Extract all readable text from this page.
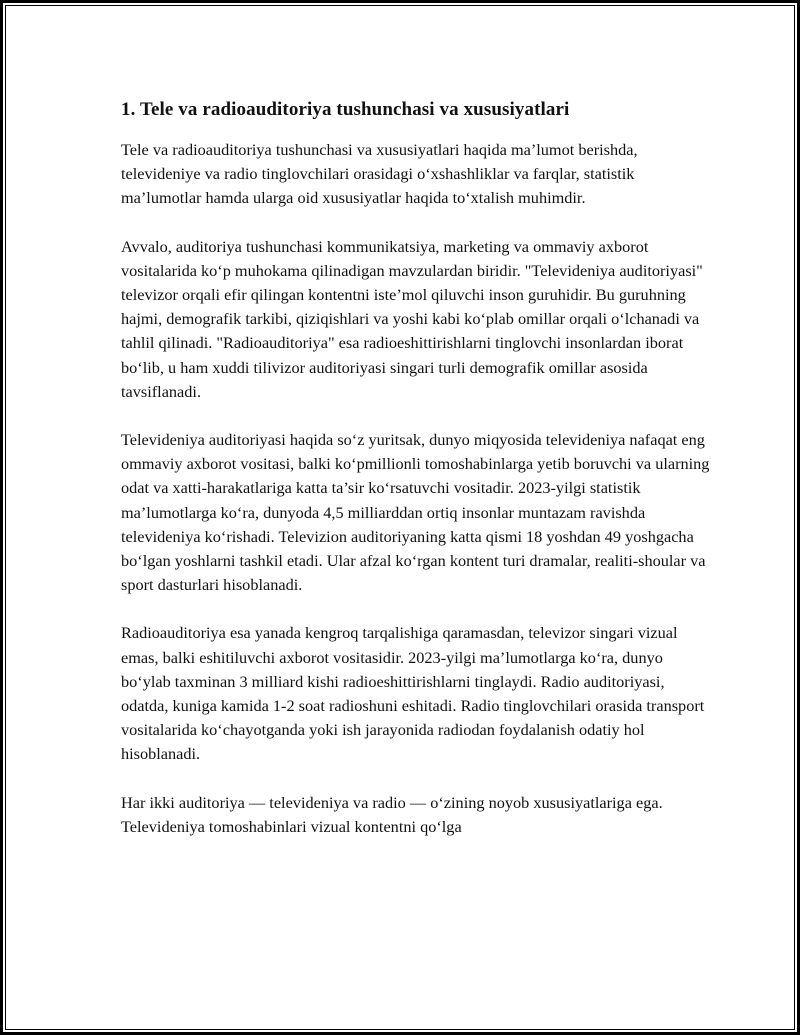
1. Tele va radioauditoriya tushunchasi va xususiyatlari

Tele va radioauditoriya tushunchasi va xususiyatlari haqida ma’lumot berishda, televideniye va radio tinglovchilari orasidagi o‘xshashliklar va farqlar, statistik ma’lumotlar hamda ularga oid xususiyatlar haqida to‘xtalish muhimdir.

Avvalo, auditoriya tushunchasi kommunikatsiya, marketing va ommaviy axborot vositalarida ko‘p muhokama qilinadigan mavzulardan biridir. "Televideniya auditoriyasi" televizor orqali efir qilingan kontentni iste’mol qiluvchi inson guruhidir. Bu guruhning hajmi, demografik tarkibi, qiziqishlari va yoshi kabi ko‘plab omillar orqali o‘lchanadi va tahlil qilinadi. "Radioauditoriya" esa radioeshittirishlarni tinglovchi insonlardan iborat bo‘lib, u ham xuddi tilivizor auditoriyasi singari turli demografik omillar asosida tavsiflanadi.

Televideniya auditoriyasi haqida so‘z yuritsak, dunyo miqyosida televideniya nafaqat eng ommaviy axborot vositasi, balki ko‘pmillionli tomoshabinlarga yetib boruvchi va ularning odat va xatti-harakatlariga katta ta’sir ko‘rsatuvchi vositadir. 2023-yilgi statistik ma’lumotlarga ko‘ra, dunyoda 4,5 milliarddan ortiq insonlar muntazam ravishda televideniya ko‘rishadi. Televizion auditoriyaning katta qismi 18 yoshdan 49 yoshgacha bo‘lgan yoshlarni tashkil etadi. Ular afzal ko‘rgan kontent turi dramalar, realiti-shoular va sport dasturlari hisoblanadi.

Radioauditoriya esa yanada kengroq tarqalishiga qaramasdan, televizor singari vizual emas, balki eshitiluvchi axborot vositasidir. 2023-yilgi ma’lumotlarga ko‘ra, dunyo bo‘ylab taxminan 3 milliard kishi radioeshittirishlarni tinglaydi. Radio auditoriyasi, odatda, kuniga kamida 1-2 soat radioshuni eshitadi. Radio tinglovchilari orasida transport vositalarida ko‘chayotganda yoki ish jarayonida radiodan foydalanish odatiy hol hisoblanadi.

Har ikki auditoriya — televideniya va radio — o‘zining noyob xususiyatlariga ega. Televideniya tomoshabinlari vizual kontentni qo‘lga
